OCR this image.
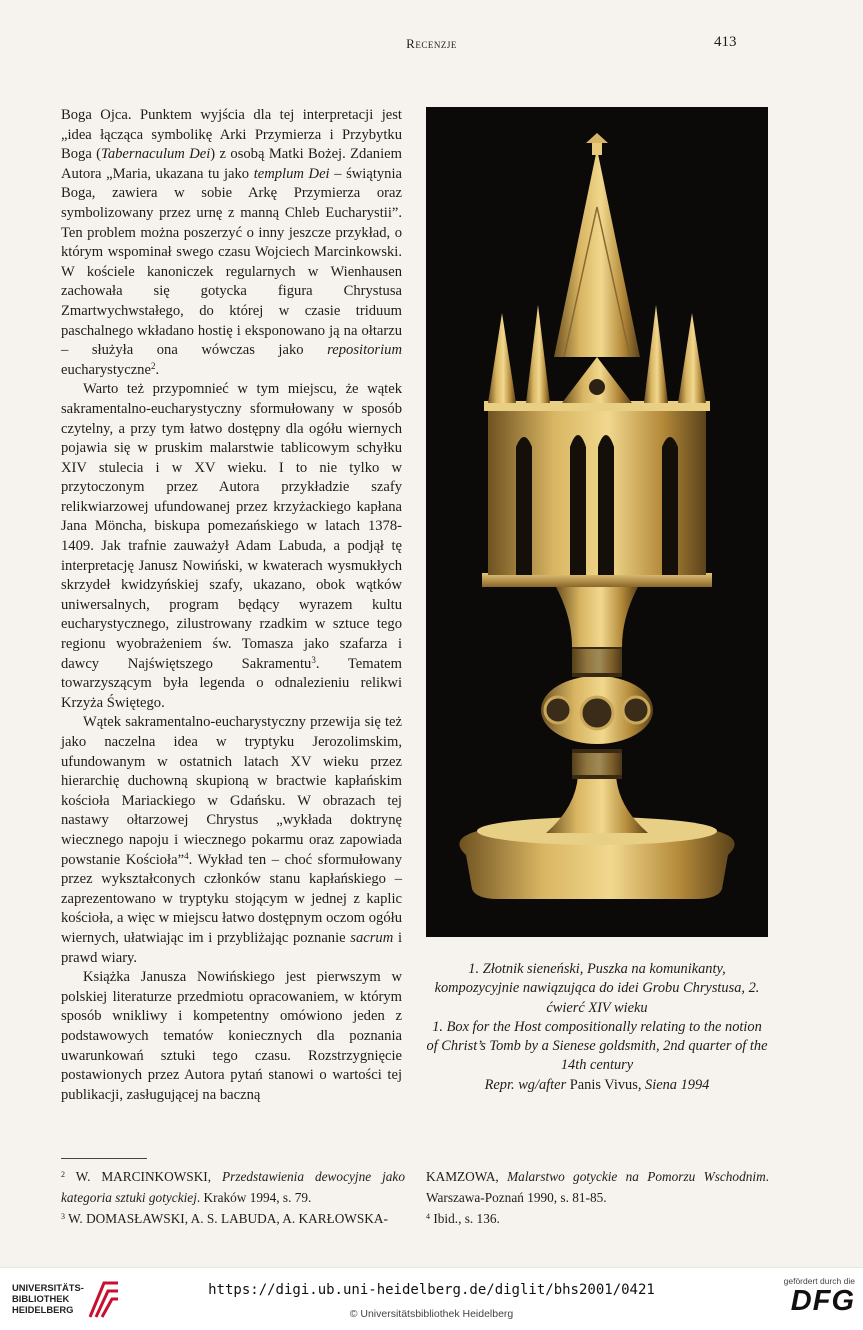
Recenzje	413

Boga Ojca. Punktem wyjścia dla tej interpretacji jest „idea łącząca symbolikę Arki Przymierza i Przybytku Boga (Tabernaculum Dei) z osobą Matki Bożej. Zdaniem Autora „Maria, ukazana tu jako templum Dei – świątynia Boga, zawiera w sobie Arkę Przymierza oraz symbolizowany przez urnę z manną Chleb Eucharystii”. Ten problem można poszerzyć o inny jeszcze przykład, o którym wspominał swego czasu Wojciech Marcinkowski. W kościele kanoniczek regularnych w Wienhausen zachowała się gotycka figura Chrystusa Zmartwychwstałego, do której w czasie triduum paschalnego wkładano hostię i eksponowano ją na ołtarzu – służyła ona wówczas jako repositorium eucharystyczne$^2$.

Warto też przypomnieć w tym miejscu, że wątek sakramentalno-eucharystyczny sformułowany w sposób czytelny, a przy tym łatwo dostępny dla ogółu wiernych pojawia się w pruskim malarstwie tablicowym schyłku XIV stulecia i w XV wieku. I to nie tylko w przytoczonym przez Autora przykładzie szafy relikwiarzowej ufundowanej przez krzyżackiego kapłana Jana Möncha, biskupa pomezańskiego w latach 1378-1409. Jak trafnie zauważył Adam Labuda, a podjął tę interpretację Janusz Nowiński, w kwaterach wysmukłych skrzydeł kwidzyńskiej szafy, ukazano, obok wątków uniwersalnych, program będący wyrazem kultu eucharystycznego, zilustrowany rzadkim w sztuce tego regionu wyobrażeniem św. Tomasza jako szafarza i dawcy Najświętszego Sakramentu$^3$. Tematem towarzyszącym była legenda o odnalezieniu relikwi Krzyża Świętego.

Wątek sakramentalno-eucharystyczny przewija się też jako naczelna idea w tryptyku Jerozolimskim, ufundowanym w ostatnich latach XV wieku przez hierarchię duchowną skupioną w bractwie kapłańskim kościoła Mariackiego w Gdańsku. W obrazach tej nastawy ołtarzowej Chrystus „wykłada doktrynę wiecznego napoju i wiecznego pokarmu oraz zapowiada powstanie Kościoła”$^4$. Wykład ten – choć sformułowany przez wykształconych członków stanu kapłańskiego – zaprezentowano w tryptyku stojącym w jednej z kaplic kościoła, a więc w miejscu łatwo dostępnym oczom ogółu wiernych, ułatwiając im i przybliżając poznanie sacrum i prawd wiary.

Książka Janusza Nowińskiego jest pierwszym w polskiej literaturze przedmiotu opracowaniem, w którym sposób wnikliwy i kompetentny omówiono jeden z podstawowych tematów koniecznych dla poznania uwarunkowań sztuki tego czasu. Rozstrzygnięcie postawionych przez Autora pytań stanowi o wartości tej publikacji, zasługującej na baczną

1. Złotnik sieneński, Puszka na komunikanty, kompozycyjnie nawiązująca do idei Grobu Chrystusa, 2. ćwierć XIV wieku
1. Box for the Host compositionally relating to the notion of Christ’s Tomb by a Sienese goldsmith, 2nd quarter of the 14th century
Repr. wg/after Panis Vivus, Siena 1994

$^2$ W. MARCINKOWSKI, Przedstawienia dewocyjne jako kategoria sztuki gotyckiej. Kraków 1994, s. 79.

$^3$ W. DOMASŁAWSKI, A. S. LABUDA, A. KARŁOWSKA-

KAMZOWA, Malarstwo gotyckie na Pomorzu Wschodnim. Warszawa-Poznań 1990, s. 81-85.

$^4$ Ibid., s. 136.

UNIVERSITÄTS-
BIBLIOTHEK
HEIDELBERG
https://digi.ub.uni-heidelberg.de/diglit/bhs2001/0421
© Universitätsbibliothek Heidelberg
gefördert durch die
DFG
